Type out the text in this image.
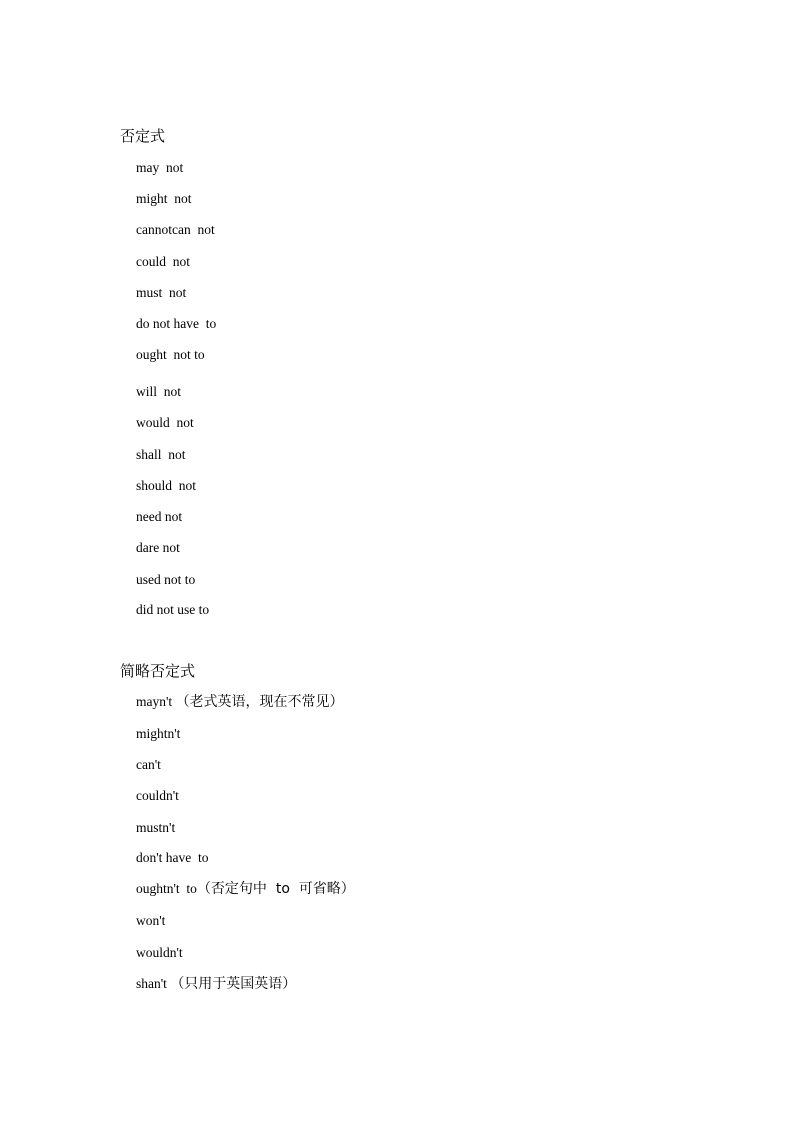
否定式
may  not
might  not
cannotcan  not
could  not
must  not
do not have  to
ought  not to
will  not
would  not
shall  not
should  not
need not
dare not
used not to
did not use to
简略否定式
mayn't （老式英语，现在不常见）
mightn't
can't
couldn't
mustn't
don't have  to
oughtn't  to（否定句中  to  可省略）
won't
wouldn't
shan't （只用于英国英语）
